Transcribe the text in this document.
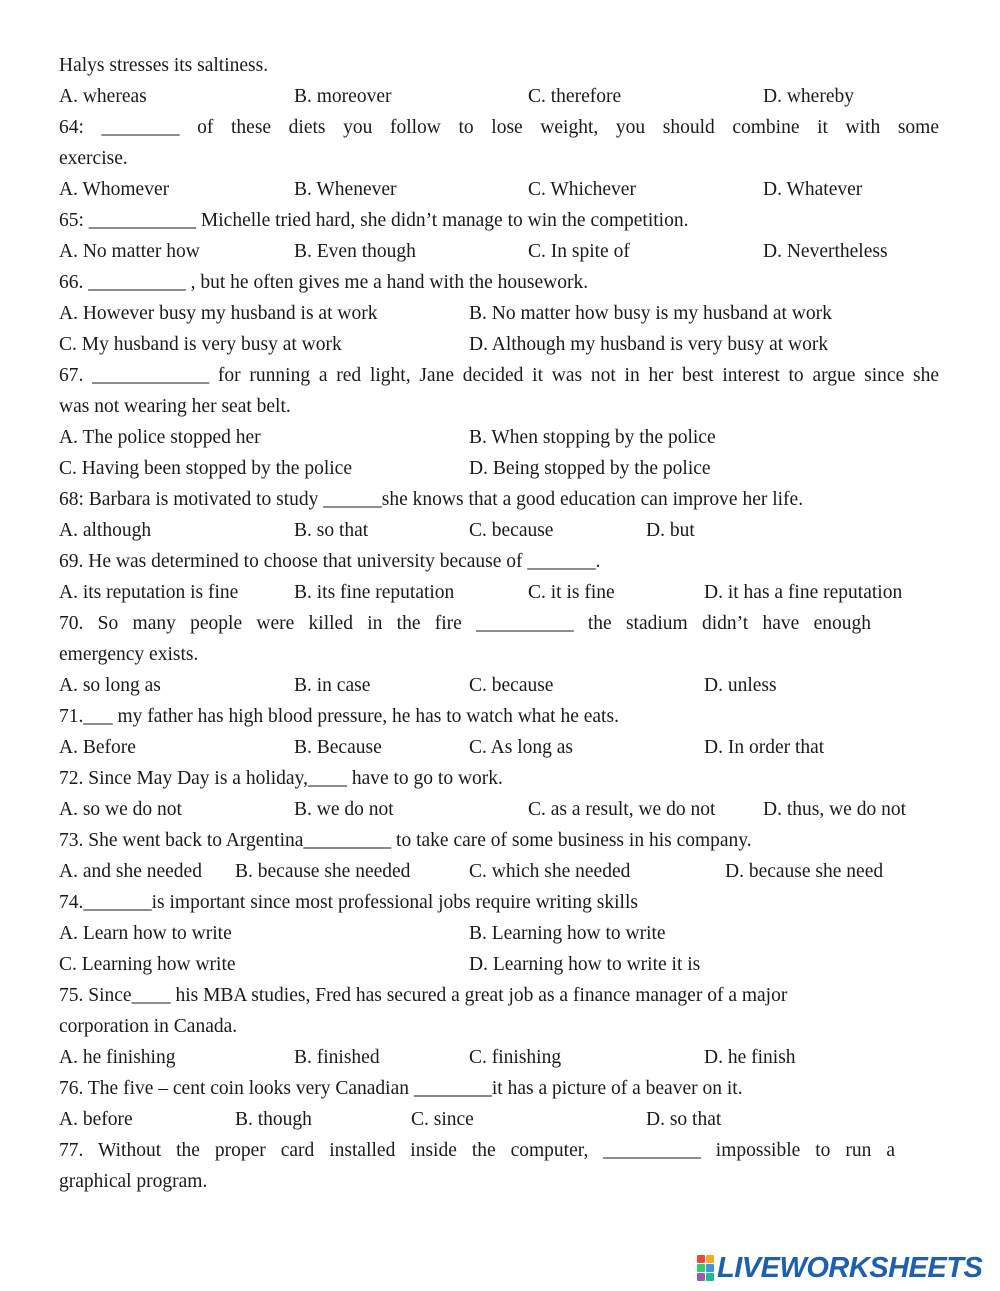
Halys stresses its saltiness.
A. whereas	B. moreover	C. therefore	D. whereby
64: ________ of these diets you follow to lose weight, you should combine it with some
exercise.
A. Whomever	B. Whenever	C. Whichever	D. Whatever
65: ___________ Michelle tried hard, she didn’t manage to win the competition.
A. No matter how	B. Even though	C. In spite of	D. Nevertheless
66. __________ , but he often gives me a hand with the housework.
A. However busy my husband is at work	B. No matter how busy is my husband at work
C. My husband is very busy at work	D. Although my husband is very busy at work
67. ____________ for running a red light, Jane decided it was not in her best interest to argue since she
was not wearing her seat belt.
A. The police stopped her	B. When stopping by the police
C. Having been stopped by the police	D. Being stopped by the police
68: Barbara is motivated to study ______she knows that a good education can improve her life.
A. although	B. so that	C. because	D. but
69. He was determined to choose that university because of _______.
A. its reputation is fine	B. its fine reputation	C. it is fine	D. it has a fine reputation
70. So many people were killed in the fire __________ the stadium didn’t have enough
emergency exists.
A. so long as	B. in case	C. because	D. unless
71.___ my father has high blood pressure, he has to watch what he eats.
A. Before	B. Because	C. As long as	D. In order that
72. Since May Day is a holiday,____ have to go to work.
A. so we do not	B. we do not	C. as a result, we do not D. thus, we do not
73. She went back to Argentina_________ to take care of some business in his company.
A. and she needed B. because she needed	C. which she needed	D. because she need
74._______is important since most professional jobs require writing skills
A. Learn how to write	B. Learning how to write
C. Learning how write	D. Learning how to write it is
75. Since____ his MBA studies, Fred has secured a great job as a finance manager of a major
corporation in Canada.
A. he finishing	B. finished	C. finishing	D. he finish
76. The five – cent coin looks very Canadian ________it has a picture of a beaver on it.
A. before	B. though	C. since	D. so that
77. Without the proper card installed inside the computer, __________ impossible to run a
graphical program.
LIVEWORKSHEETS
